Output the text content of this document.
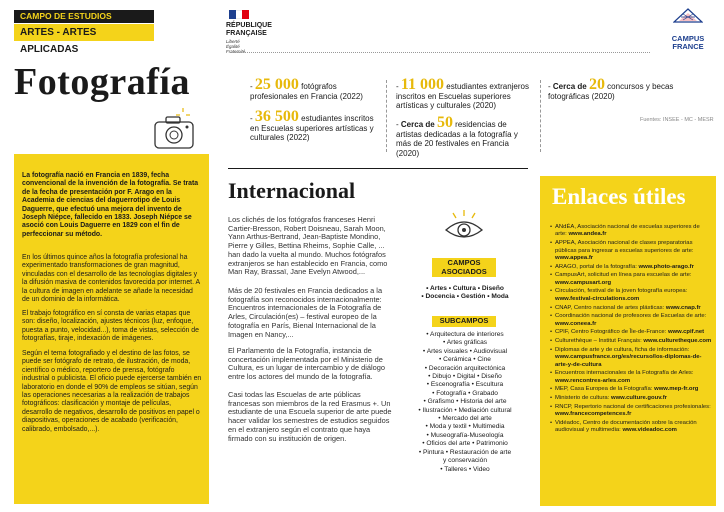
CAMPO DE ESTUDIOS
ARTES - ARTES APLICADAS
Fotografía
RÉPUBLIQUE
FRANÇAISE
Liberté
Égalité
Fraternité
CAMPUS
FRANCE
- 25 000 fotógrafos profesionales en Francia (2022)
- 36 500 estudiantes inscritos en Escuelas superiores artísticas y culturales (2022)
- 11 000 estudiantes extranjeros inscritos en Escuelas superiores artísticas y culturales (2020)
- Cerca de 50 residencias de artistas dedicadas a la fotografía y más de 20 festivales en Francia (2020)
- Cerca de 20 concursos y becas fotográficas (2020)
Fuentes: INSEE - MC - MESR
La fotografía nació en Francia en 1839, fecha convencional de la invención de la fotografía. Se trata de la fecha de presentación por F. Arago en la Academia de ciencias del daguerrotipo de Louis Daguerre, que efectuó una mejora del invento de Joseph Niépce, fallecido en 1833. Joseph Niépce se asoció con Louis Daguerre en 1829 con el fin de perfeccionar su método.
En los últimos quince años la fotografía profesional ha experimentado transformaciones de gran magnitud, vinculadas con el desarrollo de las tecnologías digitales y la difusión masiva de contenidos favorecida por internet. A la cultura de imagen en adelante se añade la necesidad de un dominio de la informática.
El trabajo fotográfico en sí consta de varias etapas que son: diseño, localización, ajustes técnicos (luz, enfoque, puesta a punto, velocidad...), toma de vistas, selección de fotografías, tiraje, indexación de imágenes.
Según el tema fotografiado y el destino de las fotos, se puede ser fotógrafo de retrato, de ilustración, de moda, científico o médico, reportero de prensa, fotógrafo industrial o publicista. El oficio puede ejercerse también en laboratorio en donde el 90% de empleos se sitúan, según las operaciones necesarias a la realización de trabajos fotográficos: clasificación y montaje de películas, desarrollo de negativos, desarrollo de positivos en papel o diapositivas, operaciones de acabado (verificación, calibrado, embolsado,...).
Internacional
Los clichés de los fotógrafos franceses Henri Cartier-Bresson, Robert Doisneau, Sarah Moon, Yann Arthus-Bertrand, Jean-Baptiste Mondino, Pierre y Gilles, Bettina Rheims, Sophie Calle, ... han dado la vuelta al mundo. Muchos fotógrafos extranjeros se han establecido en Francia, como Man Ray, Brassaï, Jane Evelyn Atwood,...
Más de 20 festivales en Francia dedicados a la fotografía son reconocidos internacionalmente: Encuentros internacionales de la Fotografía de Arles, Circulación(es) – festival europeo de la fotografía en París, Bienal Internacional de la Imagen en Nancy,...
El Parlamento de la Fotografía, instancia de concertación implementada por el Ministerio de Cultura, es un lugar de intercambio y de diálogo entre los actores del mundo de la fotografía.
Casi todas las Escuelas de arte públicas francesas son miembros de la red Erasmus +. Un estudiante de una Escuela superior de arte puede hacer validar los semestres de estudios seguidos en el extranjero según el contrato que haya firmado con su institución de origen.
CAMPOS
ASOCIADOS
• Artes • Cultura • Diseño
• Docencia • Gestión • Moda
SUBCAMPOS
• Arquitectura de interiores
• Artes gráficas
• Artes visuales • Audiovisual
• Cerámica • Cine
• Decoración arquitectónica
• Dibujo • Digital • Diseño
• Escenografía • Escultura
• Fotografía • Grabado
• Grafismo • Historia del arte
• Ilustración • Mediación cultural
• Mercado del arte
• Moda y textil • Multimedia
• Museografía-Museología
• Oficios del arte • Patrimonio
• Pintura • Restauración de arte
y conservación
• Talleres • Video
Enlaces útiles
• ANdÉA, Asociación nacional de escuelas superiores de arte: www.andea.fr
• APPEA, Asociación nacional de clases preparatorias públicas para ingresar a escuelas superiores de arte: www.appea.fr
• ARAGO, portal de la fotografía: www.photo-arago.fr
• CampusArt, solicitud en línea para escuelas de arte: www.campusart.org
• Circulación, festival de la joven fotografía europea: www.festival-circulations.com
• CNAP, Centro nacional de artes plásticas: www.cnap.fr
• Coordinación nacional de profesores de Escuelas de arte: www.coneea.fr
• CPIF, Centro Fotográfico de Île-de-France: www.cpif.net
• Culturethèque – Institut Français: www.culturetheque.com
• Diplomas de arte y de cultura, ficha de información: www.campusfrance.org/es/recurso/los-diplomas-de-arte-y-de-cultura
• Encuentros internacionales de la Fotografía de Arles: www.rencontres-arles.com
• MEP, Casa Europea de la Fotografía: www.mep-fr.org
• Ministerio de cultura: www.culture.gouv.fr
• RNCP, Repertorio nacional de certificaciones profesionales: www.francecompetences.fr
• Vidéadoc, Centro de documentación sobre la creación audiovisual y multimedia: www.videadoc.com
